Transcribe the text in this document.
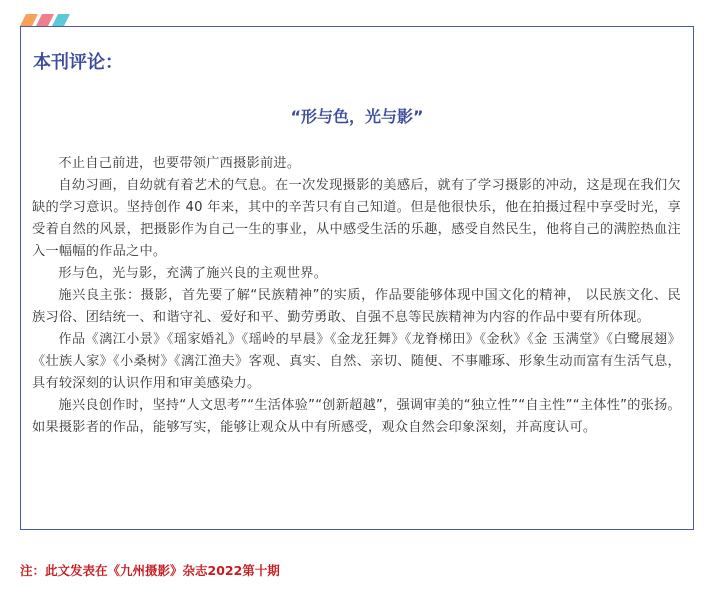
本刊评论：
“形与色，光与影”

不止自己前进，也要带领广西摄影前进。

自幼习画，自幼就有着艺术的气息。在一次发现摄影的美感后，就有了学习摄影的冲动，这是现在我们欠缺的学习意识。坚持创作 40 年来，其中的辛苦只有自己知道。但是他很快乐，他在拍摄过程中享受时光，享受着自然的风景，把摄影作为自己一生的事业，从中感受生活的乐趣，感受自然民生，他将自己的满腔热血注入一幅幅的作品之中。

形与色，光与影，充满了施兴良的主观世界。

施兴良主张：摄影，首先要了解“民族精神”的实质，作品要能够体现中国文化的精神， 以民族文化、民族习俗、团结统一、和谐守礼、爱好和平、勤劳勇敢、自强不息等民族精神为内容的作品中要有所体现。

作品《漓江小景》《瑶家婚礼》《瑶岭的早晨》《金龙狂舞》《龙脊梯田》《金秋》《金 玉满堂》《白鹭展翅》《壮族人家》《小桑树》《漓江渔夫》客观、真实、自然、亲切、随便、不事雕琢、形象生动而富有生活气息，具有较深刻的认识作用和审美感染力。

施兴良创作时，坚持“人文思考”“生活体验”“创新超越”，强调审美的“独立性”“自主性”“主体性”的张扬。如果摄影者的作品，能够写实，能够让观众从中有所感受，观众自然会印象深刻，并高度认可。

注：此文发表在《九州摄影》杂志2022第十期
